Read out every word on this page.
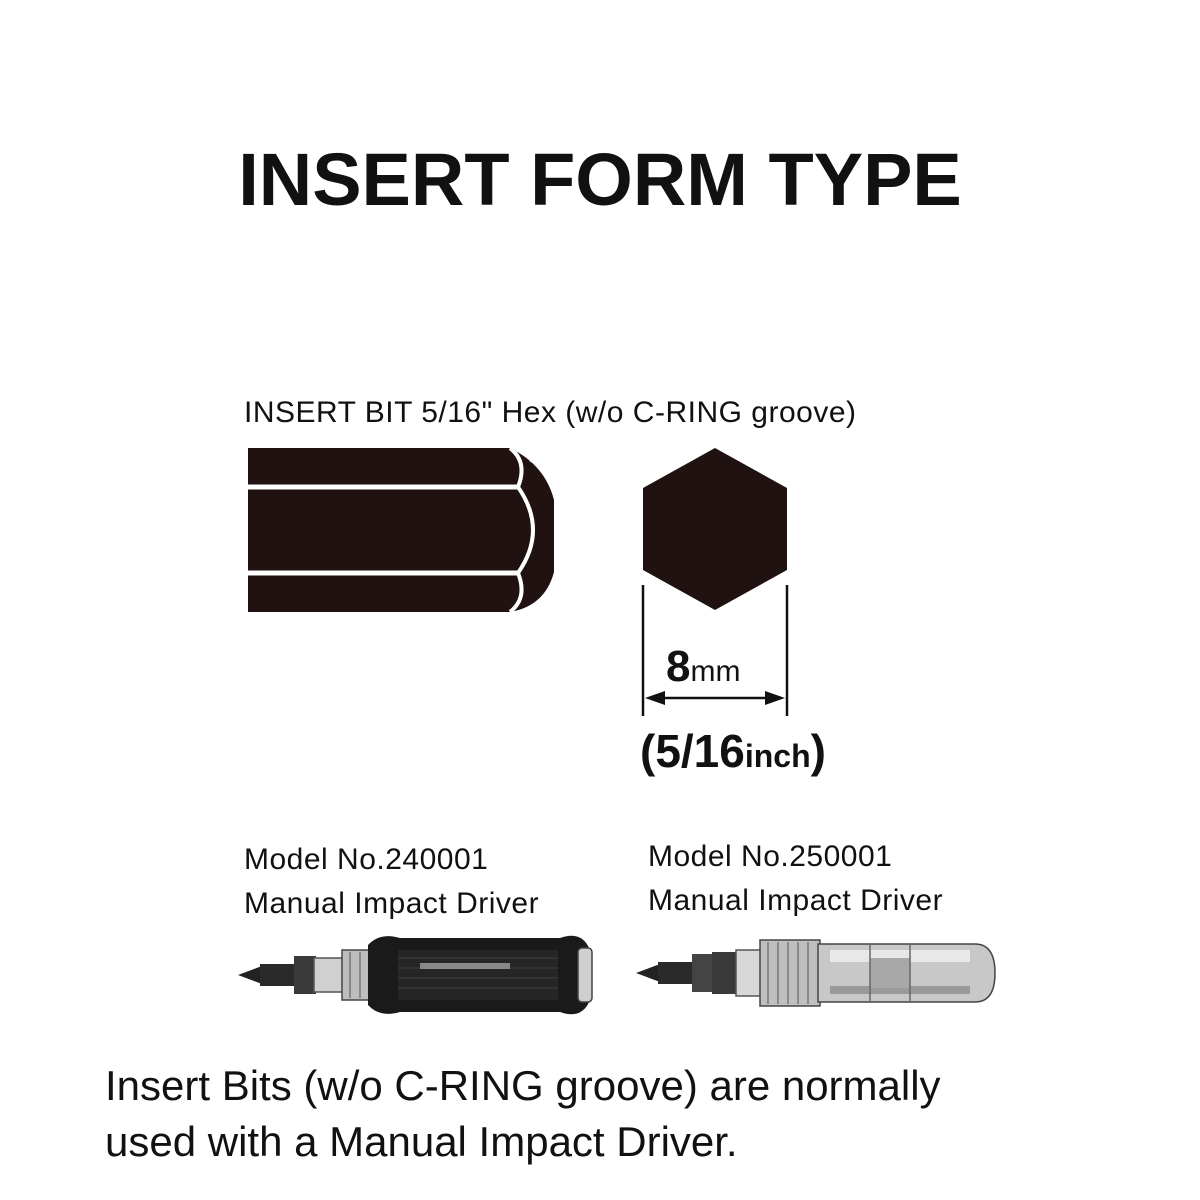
INSERT FORM TYPE
INSERT BIT 5/16" Hex (w/o C-RING groove)
8mm
(5/16inch)
Model No.240001
Manual Impact Driver
Model No.250001
Manual Impact Driver
Insert Bits (w/o C-RING groove) are normally
used with a Manual Impact Driver.
